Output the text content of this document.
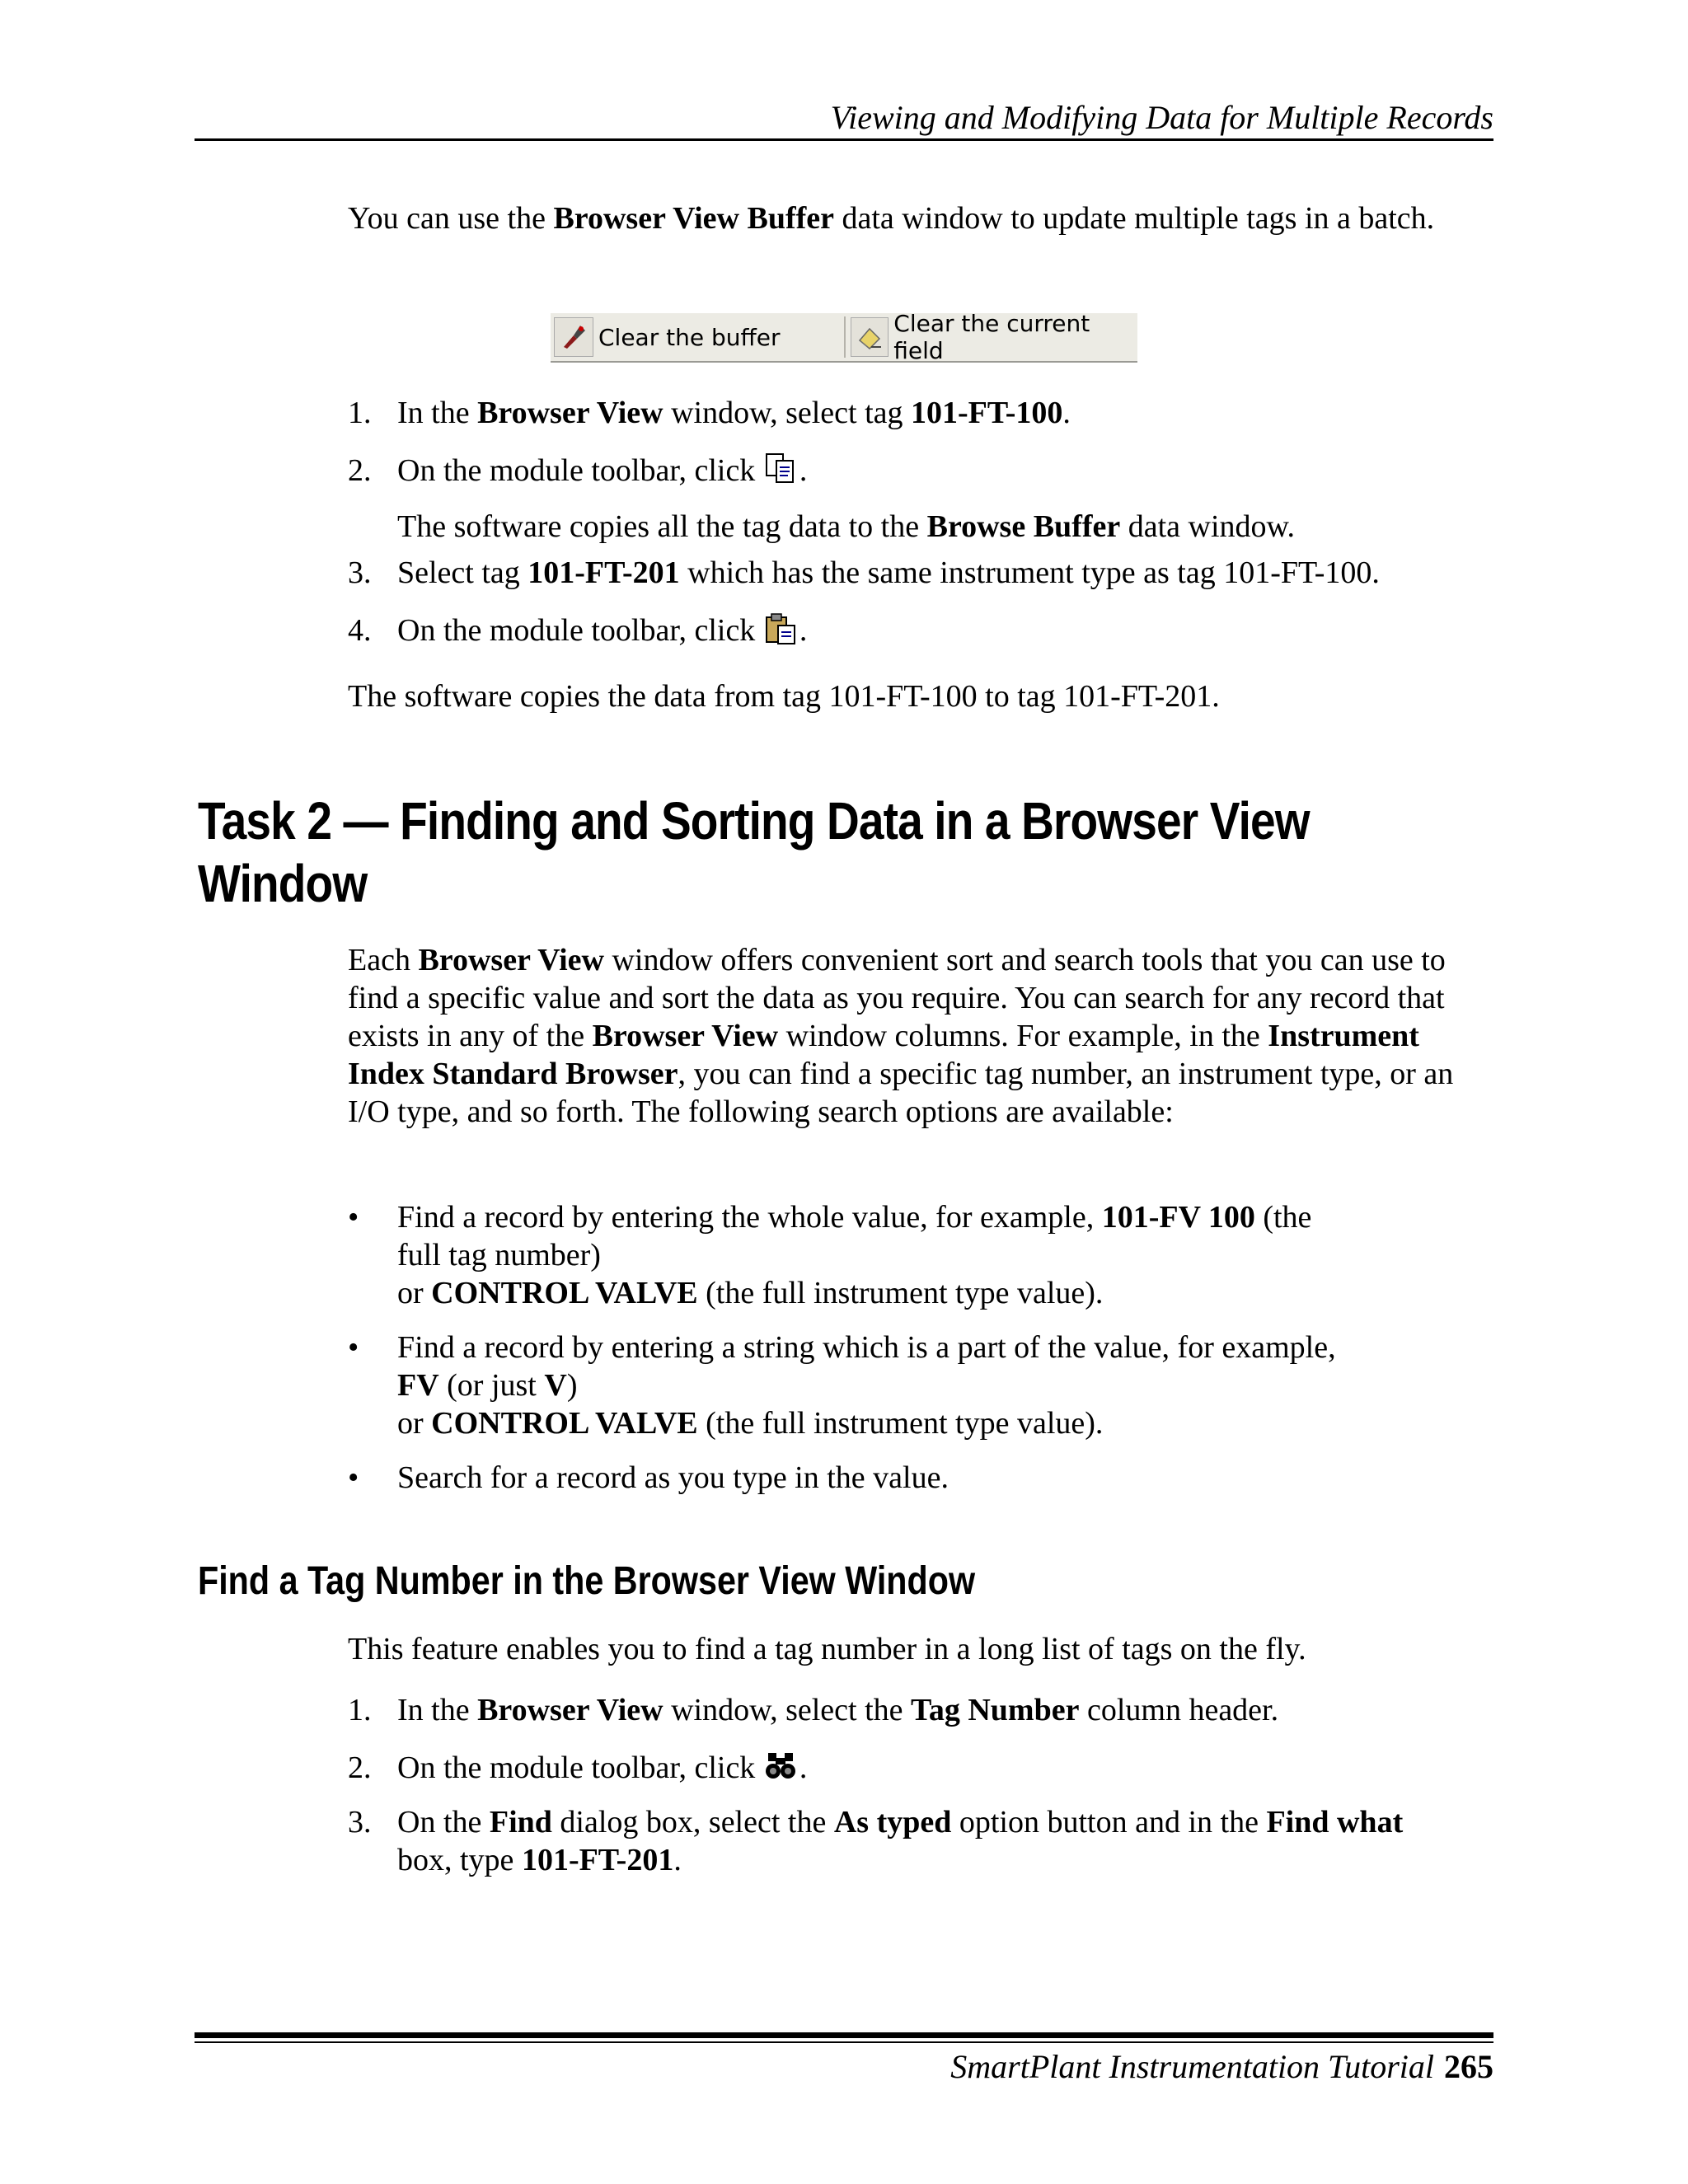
Viewing and Modifying Data for Multiple Records
You can use the Browser View Buffer data window to update multiple tags in a batch.
Clear the buffer	Clear the current field
1. In the Browser View window, select tag 101-FT-100.
2. On the module toolbar, click .
The software copies all the tag data to the Browse Buffer data window.
3. Select tag 101-FT-201 which has the same instrument type as tag 101-FT-100.
4. On the module toolbar, click .
The software copies the data from tag 101-FT-100 to tag 101-FT-201.
Task 2 — Finding and Sorting Data in a Browser View
Window
Each Browser View window offers convenient sort and search tools that you can use to find a specific value and sort the data as you require. You can search for any record that exists in any of the Browser View window columns. For example, in the Instrument Index Standard Browser, you can find a specific tag number, an instrument type, or an I/O type, and so forth. The following search options are available:
• Find a record by entering the whole value, for example, 101-FV 100 (the
full tag number)
or CONTROL VALVE (the full instrument type value).
• Find a record by entering a string which is a part of the value, for example,
FV (or just V)
or CONTROL VALVE (the full instrument type value).
• Search for a record as you type in the value.
Find a Tag Number in the Browser View Window
This feature enables you to find a tag number in a long list of tags on the fly.
1. In the Browser View window, select the Tag Number column header.
2. On the module toolbar, click .
3. On the Find dialog box, select the As typed option button and in the Find what
box, type 101-FT-201.
SmartPlant Instrumentation Tutorial 265
